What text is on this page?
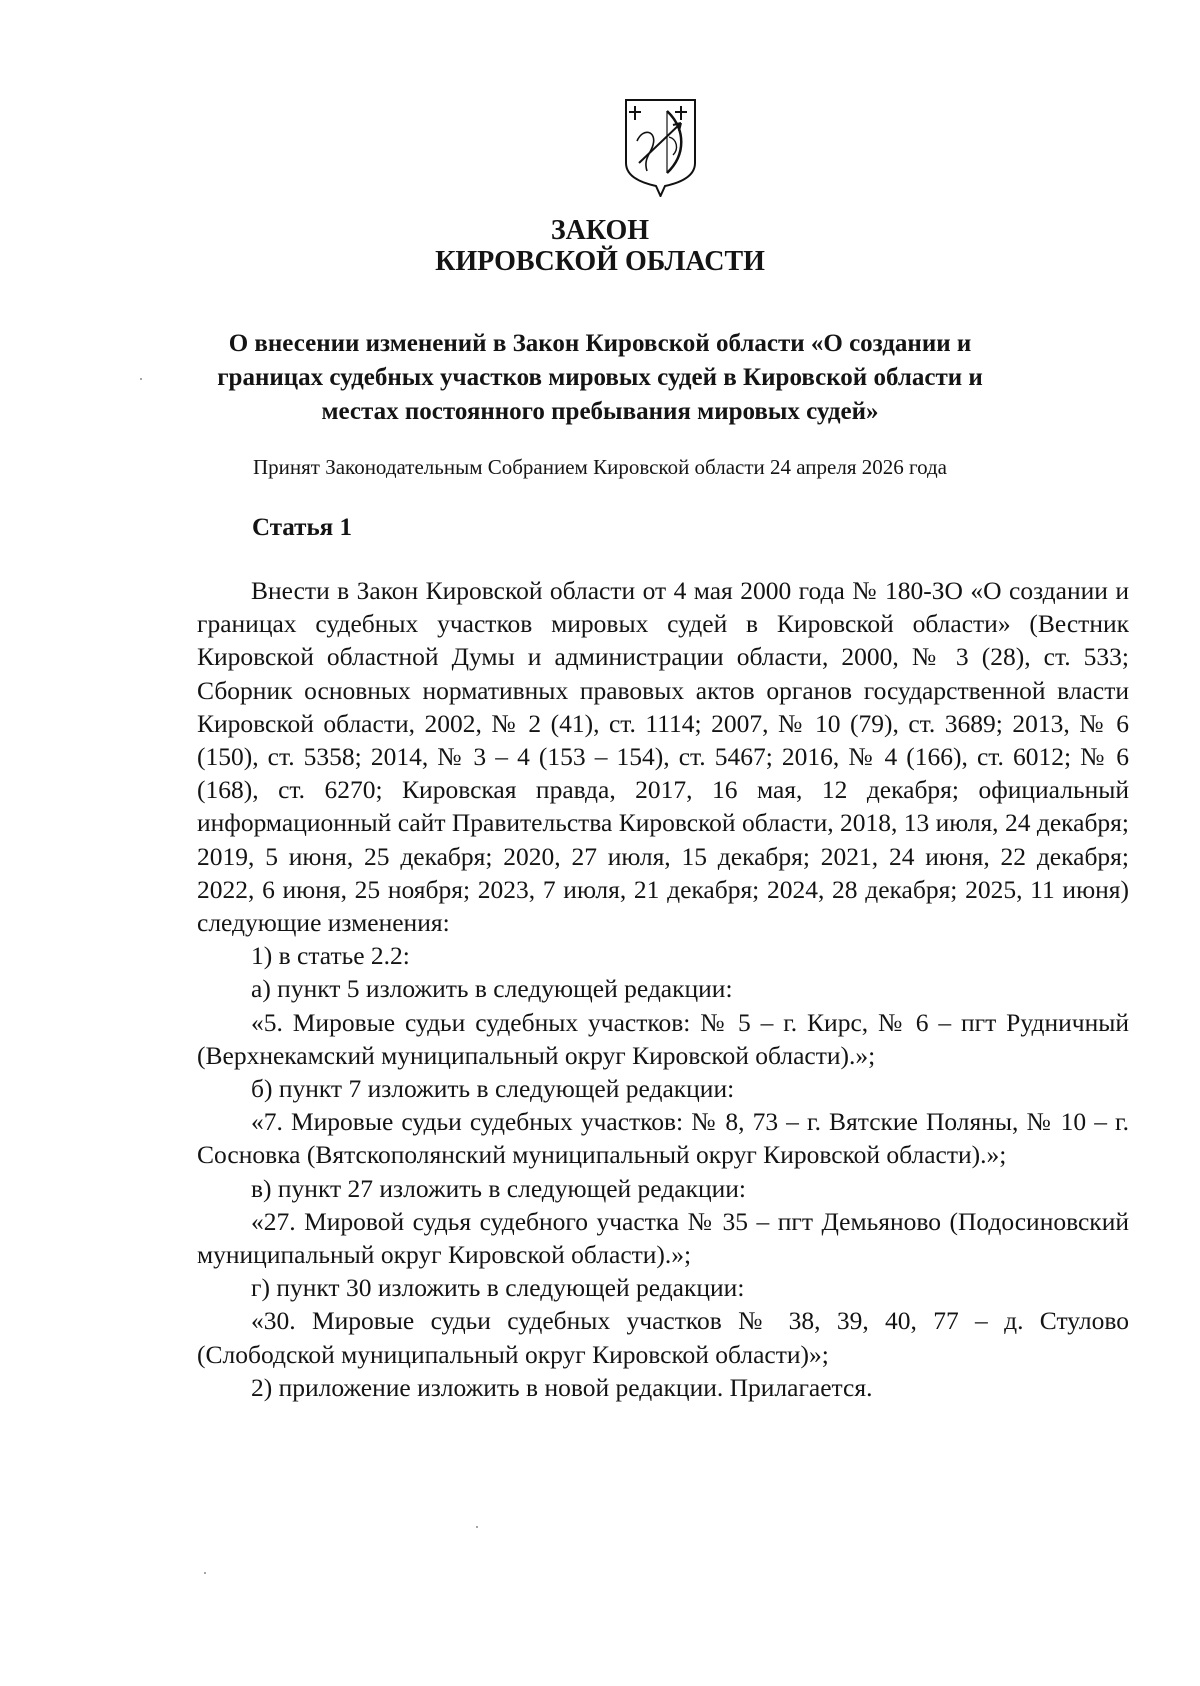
ЗАКОН
КИРОВСКОЙ ОБЛАСТИ
О внесении изменений в Закон Кировской области «О создании и границах судебных участков мировых судей в Кировской области и местах постоянного пребывания мировых судей»
Принят Законодательным Собранием Кировской области 24 апреля 2026 года
Статья 1

Внести в Закон Кировской области от 4 мая 2000 года № 180-ЗО «О создании и границах судебных участков мировых судей в Кировской области» (Вестник Кировской областной Думы и администрации области, 2000, № 3 (28), ст. 533; Сборник основных нормативных правовых актов органов государственной власти Кировской области, 2002, № 2 (41), ст. 1114; 2007, № 10 (79), ст. 3689; 2013, № 6 (150), ст. 5358; 2014, № 3 – 4 (153 – 154), ст. 5467; 2016, № 4 (166), ст. 6012; № 6 (168), ст. 6270; Кировская правда, 2017, 16 мая, 12 декабря; официальный информационный сайт Правительства Кировской области, 2018, 13 июля, 24 декабря; 2019, 5 июня, 25 декабря; 2020, 27 июля, 15 декабря; 2021, 24 июня, 22 декабря; 2022, 6 июня, 25 ноября; 2023, 7 июля, 21 декабря; 2024, 28 декабря; 2025, 11 июня) следующие изменения:

1) в статье 2.2:

а) пункт 5 изложить в следующей редакции:

«5. Мировые судьи судебных участков: № 5 – г. Кирс, № 6 – пгт Рудничный (Верхнекамский муниципальный округ Кировской области).»;

б) пункт 7 изложить в следующей редакции:

«7. Мировые судьи судебных участков: № 8, 73 – г. Вятские Поляны, № 10 – г. Сосновка (Вятскополянский муниципальный округ Кировской области).»;

в) пункт 27 изложить в следующей редакции:

«27. Мировой судья судебного участка № 35 – пгт Демьяново (Подосиновский муниципальный округ Кировской области).»;

г) пункт 30 изложить в следующей редакции:

«30. Мировые судьи судебных участков № 38, 39, 40, 77 – д. Стулово (Слободской муниципальный округ Кировской области)»;

2) приложение изложить в новой редакции. Прилагается.
